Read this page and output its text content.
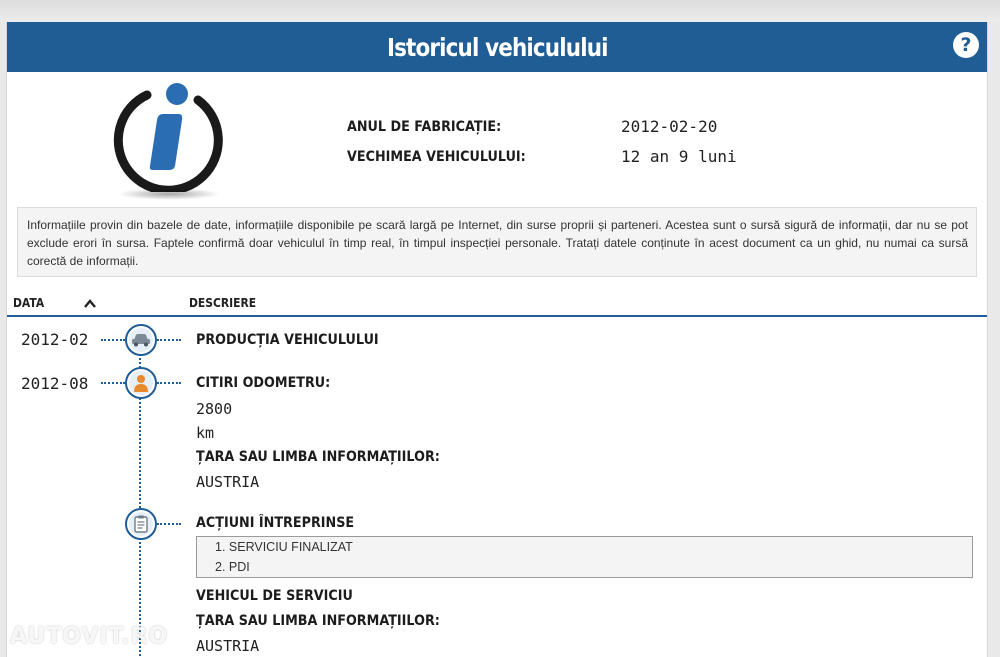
Istoricul vehiculului	?
ANUL DE FABRICAȚIE:	2012-02-20
VECHIMEA VEHICULULUI:	12 an 9 luni
Informațiile provin din bazele de date, informațiile disponibile pe scară largă pe Internet, din surse proprii și parteneri. Acestea sunt o sursă sigură de informații, dar nu se pot exclude erori în sursa. Faptele confirmă doar vehiculul în timp real, în timpul inspecției personale. Tratați datele conținute în acest document ca un ghid, nu numai ca sursă corectă de informații.
DATA	DESCRIERE
2012-02	PRODUCȚIA VEHICULULUI
2012-08	CITIRI ODOMETRU:
2800
km
ȚARA SAU LIMBA INFORMAȚIILOR:
AUSTRIA
ACȚIUNI ÎNTREPRINSE
1. SERVICIU FINALIZAT
2. PDI
VEHICUL DE SERVICIU
ȚARA SAU LIMBA INFORMAȚIILOR:
AUSTRIA
AUTOVIT.RO
